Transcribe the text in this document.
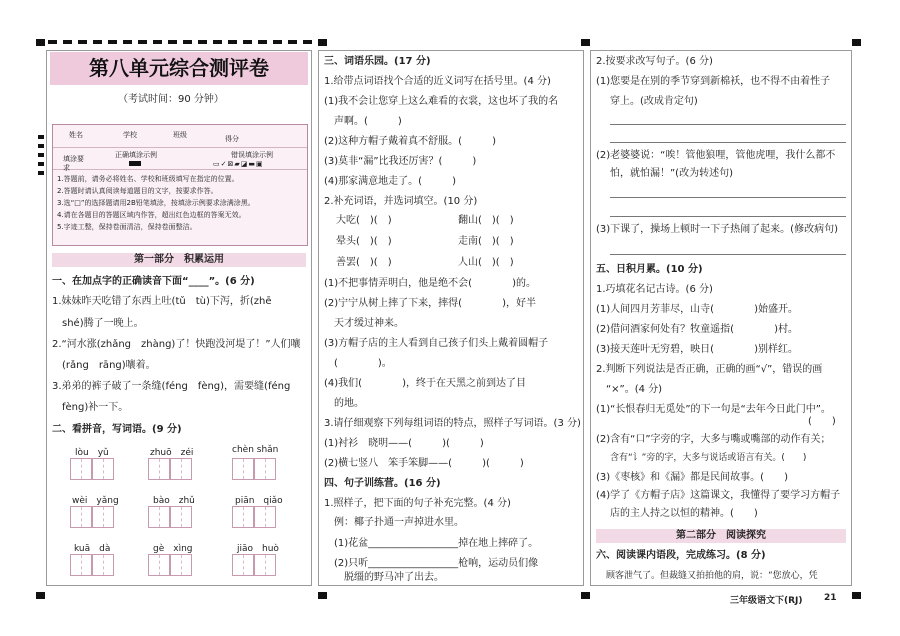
第八单元综合测评卷
（考试时间：90 分钟）
姓名	学校	班级	得分
填涂要求
正确填涂示例	错误填涂示例
▭✓⊠▰◪▬▣
1.答题前，请务必将姓名、学校和班级填写在指定的位置。
2.答题时请认真阅读每道题目的文字，按要求作答。
3.选“□”的选择题请用2B铅笔填涂，按填涂示例要求涂满涂黑。
4.请在各题目的答题区域内作答，超出红色边框的答案无效。
5.字迹工整，保持卷面清洁，保持卷面整洁。
第一部分　积累运用
一、在加点字的正确读音下面“____”。(6 分)
1.妹妹昨天吃错了东西上吐(tǔ　tù)下泻，折(zhē
shé)腾了一晚上。
2.“河水涨(zhǎng　zhàng)了！快跑没河堤了！”人们嚷
(rǎng　rāng)嚷着。
3.弟弟的裤子破了一条缝(féng　fèng)，需要缝(féng
fèng)补一下。
二、看拼音，写词语。(9 分)
lòu　yǔ	zhuō　zéi	chèn shǎn
wèi　yǎng	bào　zhǔ	piān　qiǎo
kuā　dà	gè　xìng	jiāo　huò
三、词语乐园。(17 分)
1.给带点词语找个合适的近义词写在括号里。(4 分)
(1)我不会让您穿上这么难看的衣裳，这也坏了我的名
声啊。(　　　)
(2)这种方帽子戴着真不舒服。(　　　)
(3)莫非“漏”比我还厉害？(　　　)
(4)那家满意地走了。(　　　)
2.补充词语，并选词填空。(10 分)
大吃(　)(　)	翻山(　)(　)
晕头(　)(　)	走南(　)(　)
善罢(　)(　)	人山(　)(　)
(1)不把事情弄明白，他是绝不会(　　　　)的。
(2)宁宁从树上摔了下来，摔得(　　　　)，好半
天才缓过神来。
(3)方帽子店的主人看到自己孩子们头上戴着圆帽子
(　　　　)。
(4)我们(　　　　)，终于在天黑之前到达了目
的地。
3.请仔细观察下列每组词语的特点，照样子写词语。(3 分)
(1)衬衫　晓明——(　　　)(　　　)
(2)横七竖八　笨手笨脚——(　　　)(　　　)
四、句子训练营。(16 分)
1.照样子，把下面的句子补充完整。(4 分)
例：椰子扑通一声掉进水里。
(1)花盆__________________掉在地上摔碎了。
(2)只听__________________枪响，运动员们像
脱缰的野马冲了出去。
2.按要求改写句子。(6 分)
(1)您要是在别的季节穿到新棉袄，也不得不由着性子
穿上。(改成肯定句)
(2)老婆婆说：“唉！管他狼哩，管他虎哩，我什么都不
怕，就怕漏！”(改为转述句)
(3)下课了，操场上顿时一下子热闹了起来。(修改病句)
五、日积月累。(10 分)
1.巧填花名记古诗。(6 分)
(1)人间四月芳菲尽，山寺(　　　　)始盛开。
(2)借问酒家何处有？牧童遥指(　　　　)村。
(3)接天莲叶无穷碧，映日(　　　　)别样红。
2.判断下列说法是否正确，正确的画“√”，错误的画
“×”。(4 分)
(1)“长恨春归无觅处”的下一句是“去年今日此门中”。
(　　)
(2)含有“口”字旁的字，大多与嘴或嘴部的动作有关；
含有“讠”旁的字，大多与说话或语言有关。(　　)
(3)《枣核》和《漏》都是民间故事。(　　)
(4)学了《方帽子店》这篇课文，我懂得了要学习方帽子
店的主人持之以恒的精神。(　　)
第二部分　阅读探究
六、阅读课内语段，完成练习。(8 分)
顾客泄气了。但裁缝又拍拍他的肩，说：“您放心，凭
三年级语文下(RJ) 21
